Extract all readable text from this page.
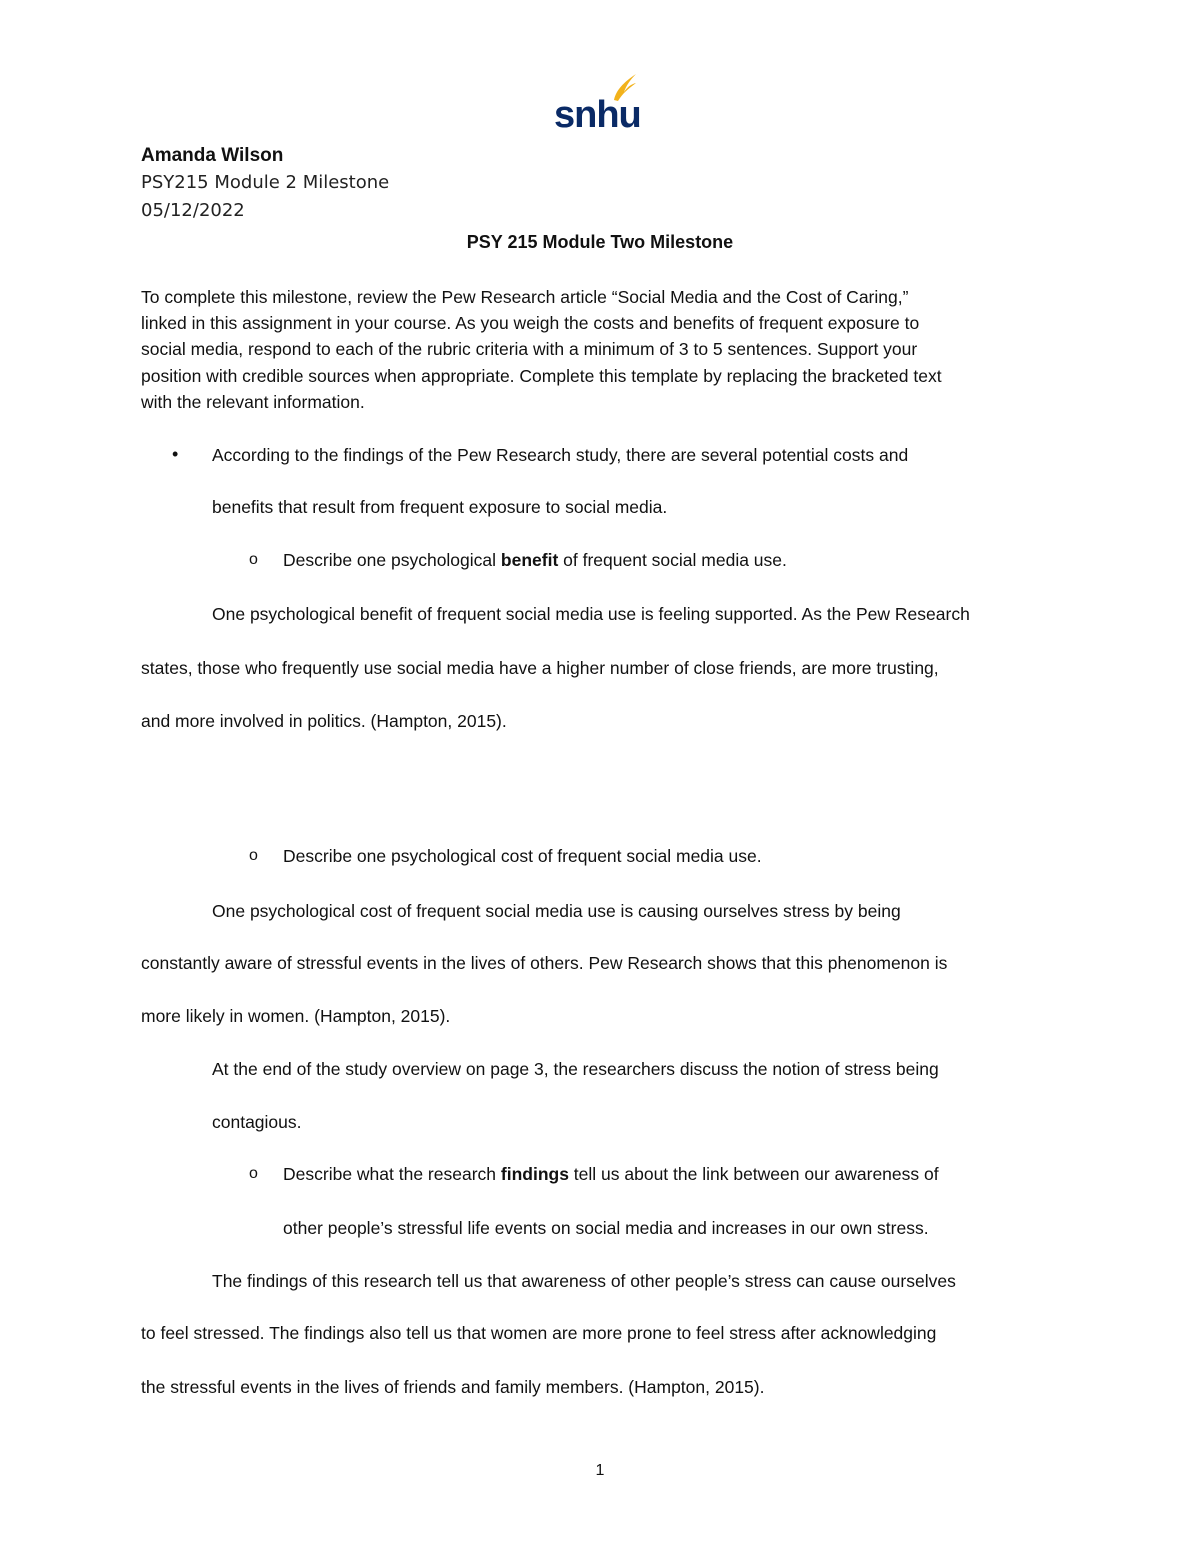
snhu
Amanda Wilson
PSY215 Module 2 Milestone
05/12/2022
PSY 215 Module Two Milestone
To complete this milestone, review the Pew Research article “Social Media and the Cost of Caring,”
linked in this assignment in your course. As you weigh the costs and benefits of frequent exposure to
social media, respond to each of the rubric criteria with a minimum of 3 to 5 sentences. Support your
position with credible sources when appropriate. Complete this template by replacing the bracketed text
with the relevant information.
• According to the findings of the Pew Research study, there are several potential costs and
benefits that result from frequent exposure to social media.
o Describe one psychological benefit of frequent social media use.
One psychological benefit of frequent social media use is feeling supported. As the Pew Research
states, those who frequently use social media have a higher number of close friends, are more trusting,
and more involved in politics. (Hampton, 2015).
o Describe one psychological cost of frequent social media use.
One psychological cost of frequent social media use is causing ourselves stress by being
constantly aware of stressful events in the lives of others. Pew Research shows that this phenomenon is
more likely in women. (Hampton, 2015).
At the end of the study overview on page 3, the researchers discuss the notion of stress being
contagious.
o Describe what the research findings tell us about the link between our awareness of
other people’s stressful life events on social media and increases in our own stress.
The findings of this research tell us that awareness of other people’s stress can cause ourselves
to feel stressed. The findings also tell us that women are more prone to feel stress after acknowledging
the stressful events in the lives of friends and family members. (Hampton, 2015).
1
